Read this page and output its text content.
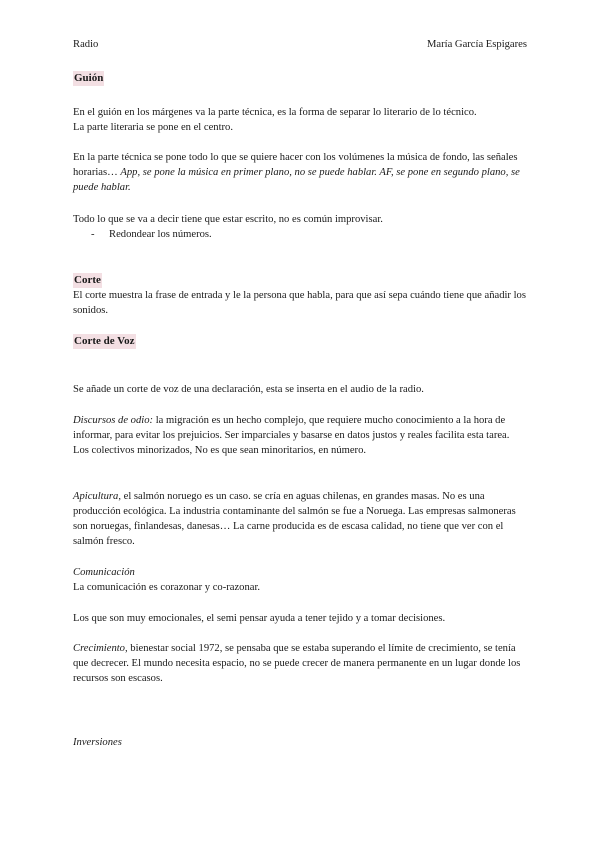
Radio	María García Espigares
Guión

En el guión en los márgenes va la parte técnica, es la forma de separar lo literario de lo técnico.

La parte literaria se pone en el centro.

En la parte técnica se pone todo lo que se quiere hacer con los volúmenes la música de fondo, las señales horarias… App, se pone la música en primer plano, no se puede hablar. AF, se pone en segundo plano, se puede hablar.

Todo lo que se va a decir tiene que estar escrito, no es común improvisar.

- Redondear los números.

Corte

El corte muestra la frase de entrada y le la persona que habla, para que así sepa cuándo tiene que añadir los sonidos.

Corte de Voz

Se añade un corte de voz de una declaración, esta se inserta en el audio de la radio.

Discursos de odio: la migración es un hecho complejo, que requiere mucho conocimiento a la hora de informar, para evitar los prejuicios. Ser imparciales y basarse en datos justos y reales facilita esta tarea.

Los colectivos minorizados, No es que sean minoritarios, en número.

Apicultura, el salmón noruego es un caso. se cría en aguas chilenas, en grandes masas. No es una producción ecológica. La industria contaminante del salmón se fue a Noruega. Las empresas salmoneras son noruegas, finlandesas, danesas… La carne producida es de escasa calidad, no tiene que ver con el salmón fresco.

Comunicación

La comunicación es corazonar y co-razonar.

Los que son muy emocionales, el semi pensar ayuda a tener tejido y a tomar decisiones.

Crecimiento, bienestar social 1972, se pensaba que se estaba superando el límite de crecimiento, se tenía que decrecer. El mundo necesita espacio, no se puede crecer de manera permanente en un lugar donde los recursos son escasos.

Inversiones
